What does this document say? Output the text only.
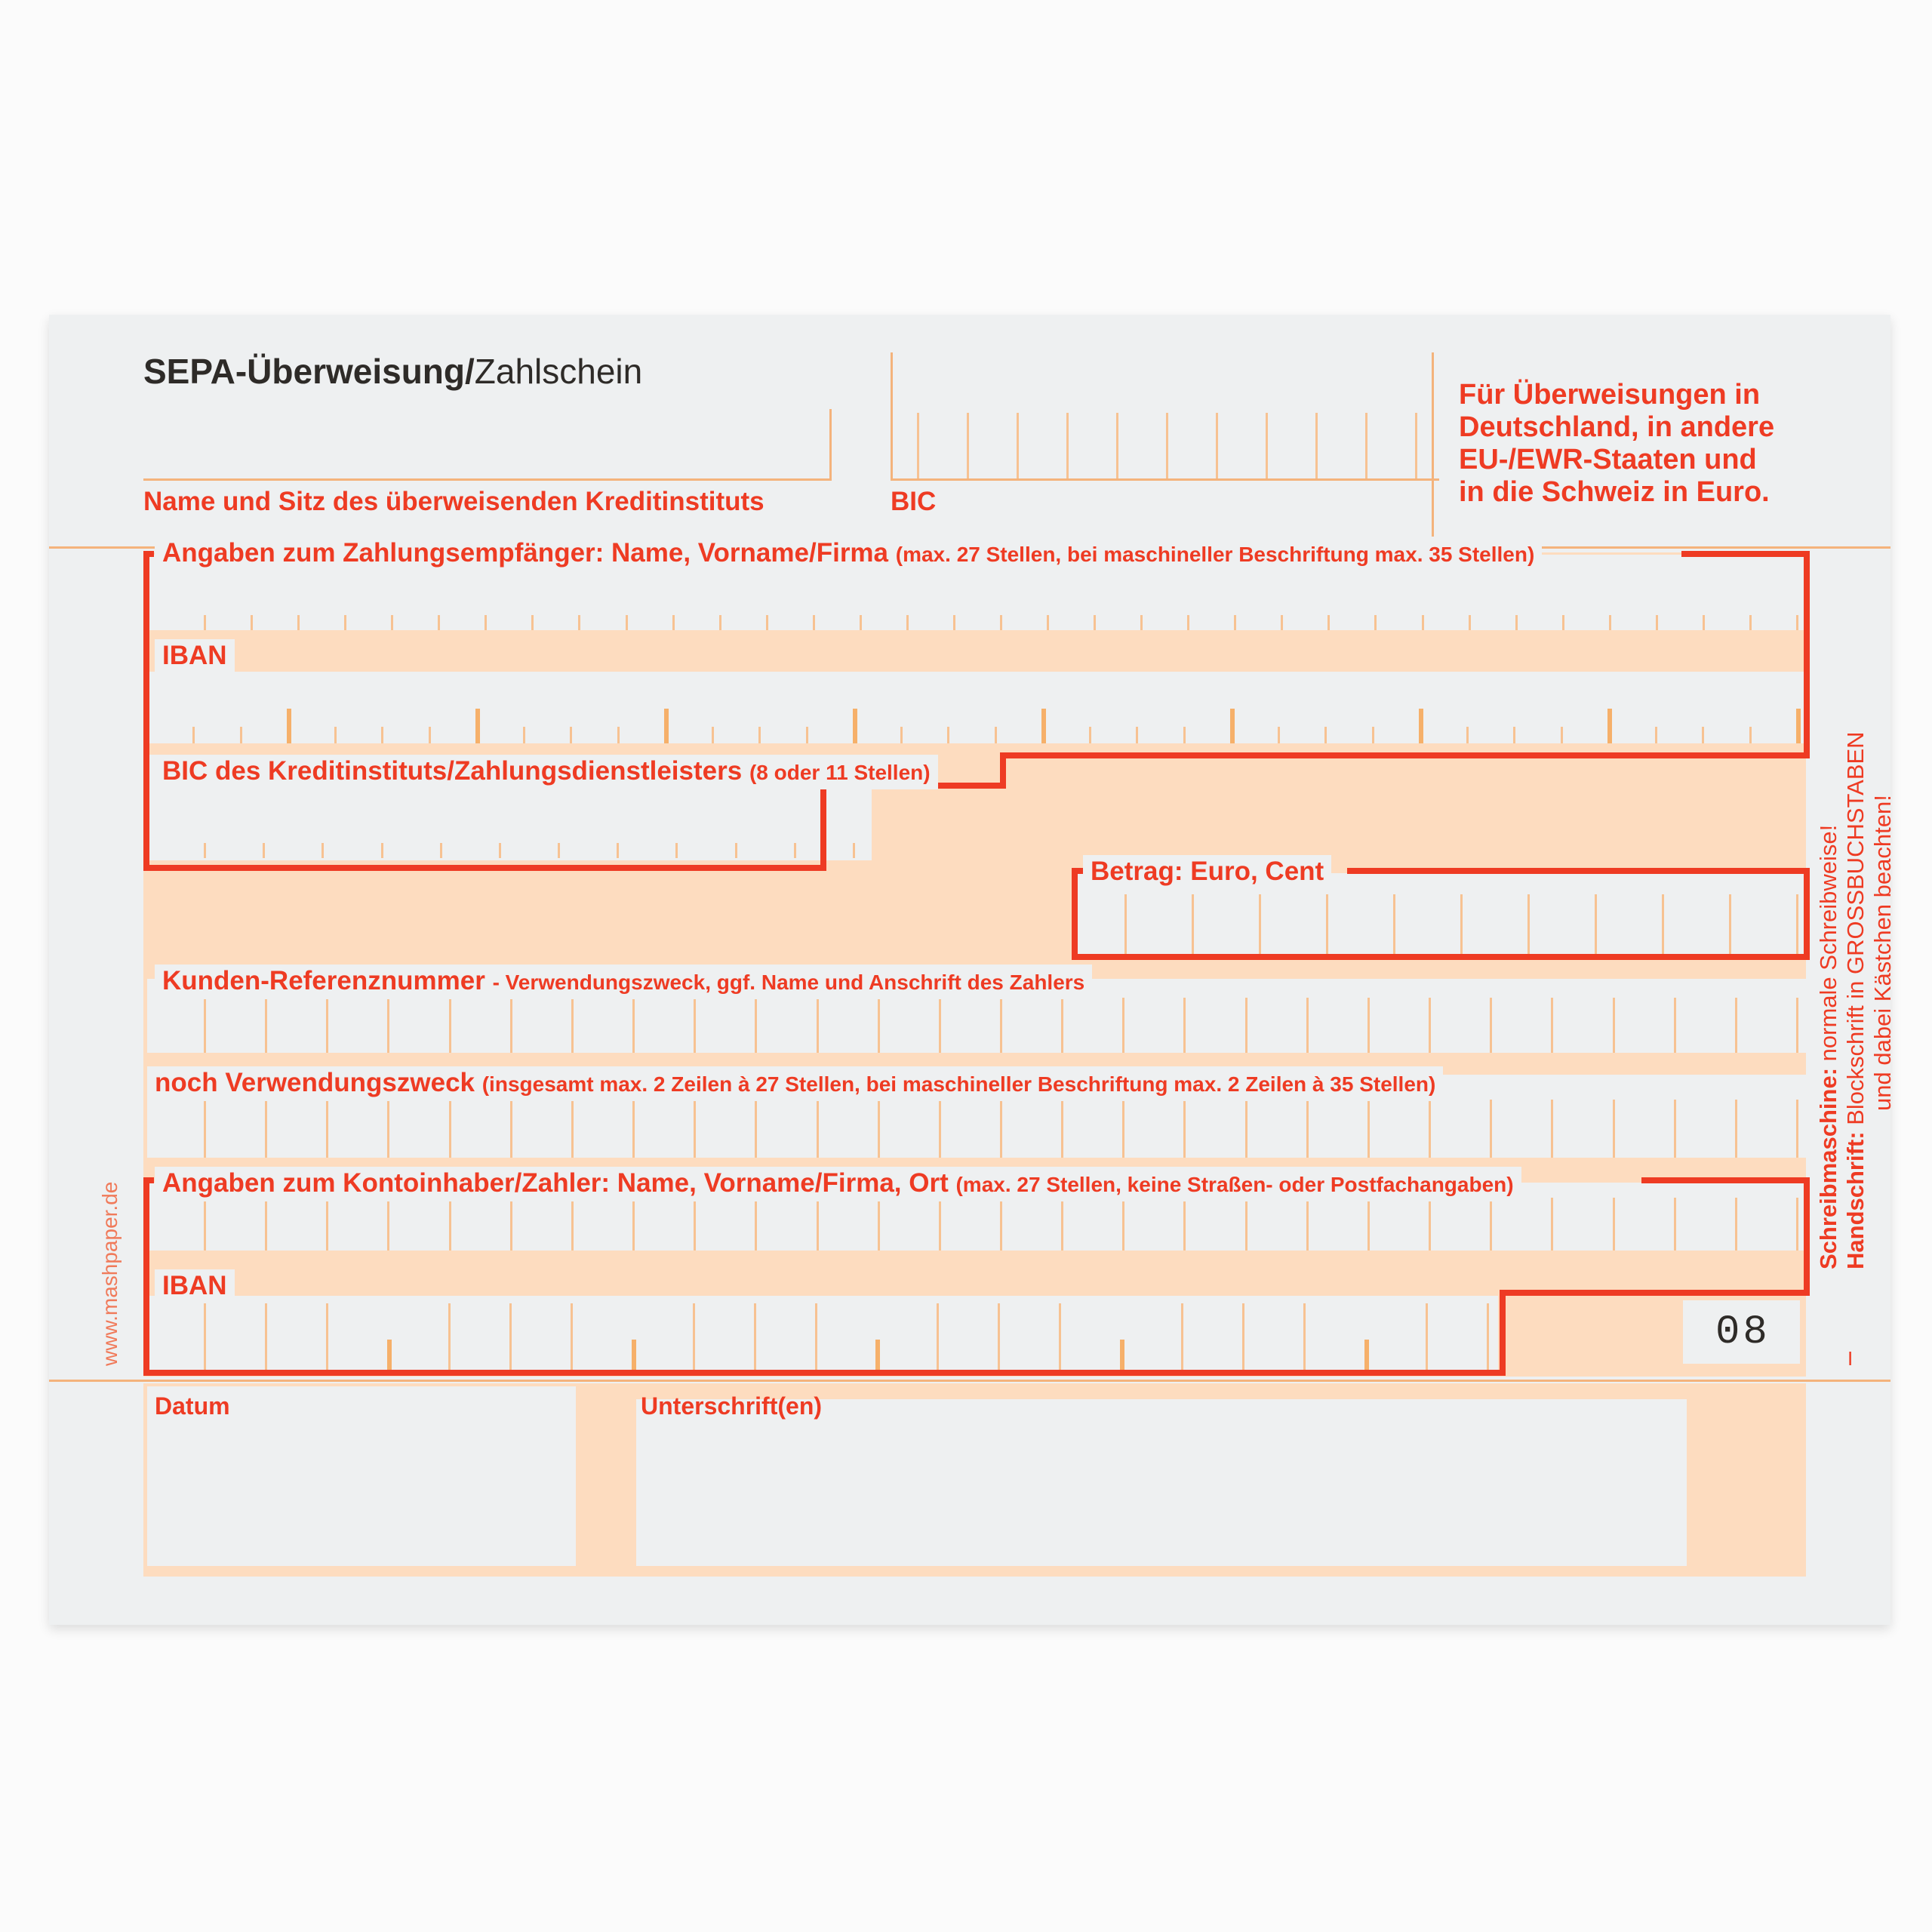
SEPA-Überweisung/Zahlschein
Name und Sitz des überweisenden Kreditinstituts	BIC
Für Überweisungen in
Deutschland, in andere
EU-/EWR-Staaten und
in die Schweiz in Euro.
08
Angaben zum Zahlungsempfänger: Name, Vorname/Firma (max. 27 Stellen, bei maschineller Beschriftung max. 35 Stellen)
IBAN
BIC des Kreditinstituts/Zahlungsdienstleisters (8 oder 11 Stellen)
Betrag: Euro, Cent
Kunden-Referenznummer - Verwendungszweck, ggf. Name und Anschrift des Zahlers
noch Verwendungszweck (insgesamt max. 2 Zeilen à 27 Stellen, bei maschineller Beschriftung max. 2 Zeilen à 35 Stellen)
Angaben zum Kontoinhaber/Zahler: Name, Vorname/Firma, Ort (max. 27 Stellen, keine Straßen- oder Postfachangaben)
IBAN
Datum	Unterschrift(en)
Schreibmaschine: normale Schreibweise!
Handschrift: Blockschrift in GROSSBUCHSTABEN und dabei Kästchen beachten!
I
www.mashpaper.de
